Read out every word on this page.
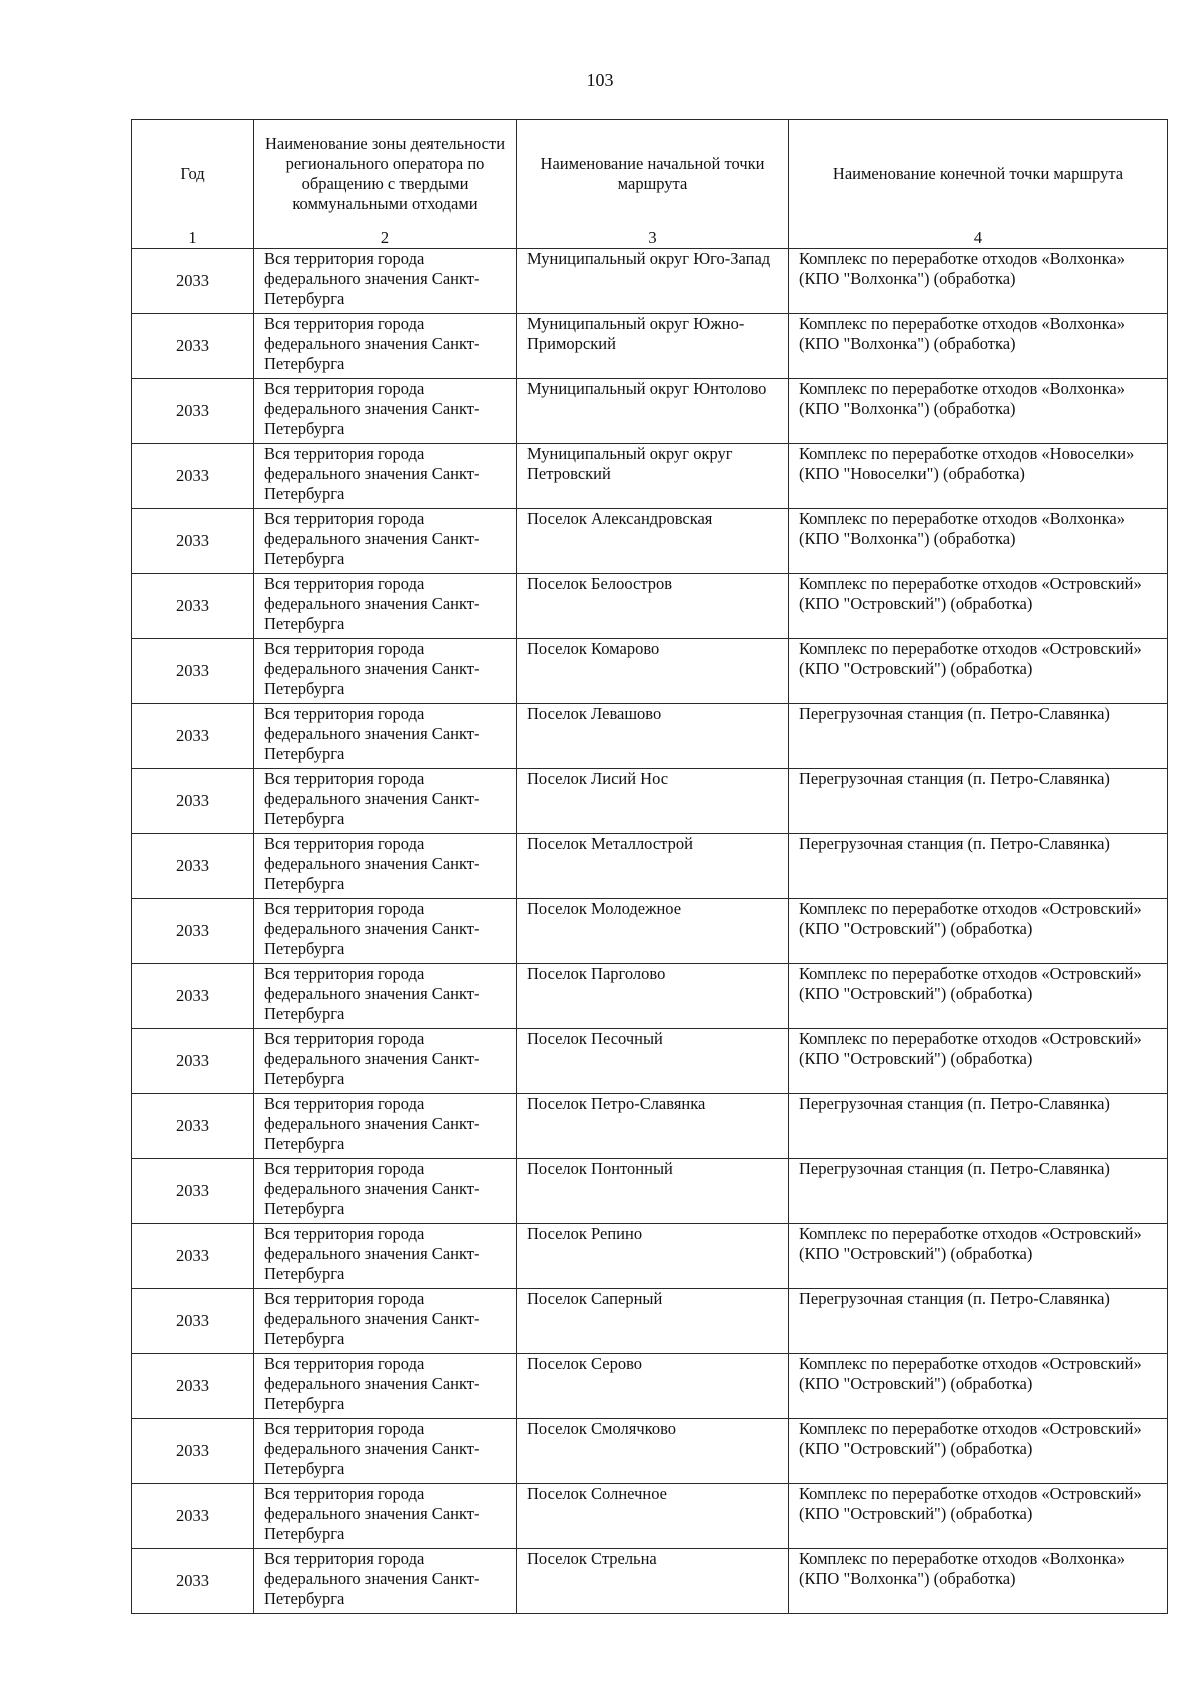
103
Год	Наименование зоны деятельности регионального оператора по обращению с твердыми коммунальными отходами	Наименование начальной точки маршрута	Наименование конечной точки маршрута
1	2	3	4
2033	Вся территория города федерального значения Санкт-Петербурга	Муниципальный округ Юго-Запад	Комплекс по переработке отходов «Волхонка» (КПО "Волхонка") (обработка)
2033	Вся территория города федерального значения Санкт-Петербурга	Муниципальный округ Южно-Приморский	Комплекс по переработке отходов «Волхонка» (КПО "Волхонка") (обработка)
2033	Вся территория города федерального значения Санкт-Петербурга	Муниципальный округ Юнтолово	Комплекс по переработке отходов «Волхонка» (КПО "Волхонка") (обработка)
2033	Вся территория города федерального значения Санкт-Петербурга	Муниципальный округ округ Петровский	Комплекс по переработке отходов «Новоселки» (КПО "Новоселки") (обработка)
2033	Вся территория города федерального значения Санкт-Петербурга	Поселок Александровская	Комплекс по переработке отходов «Волхонка» (КПО "Волхонка") (обработка)
2033	Вся территория города федерального значения Санкт-Петербурга	Поселок Белоостров	Комплекс по переработке отходов «Островский» (КПО "Островский") (обработка)
2033	Вся территория города федерального значения Санкт-Петербурга	Поселок Комарово	Комплекс по переработке отходов «Островский» (КПО "Островский") (обработка)
2033	Вся территория города федерального значения Санкт-Петербурга	Поселок Левашово	Перегрузочная станция (п. Петро-Славянка)
2033	Вся территория города федерального значения Санкт-Петербурга	Поселок Лисий Нос	Перегрузочная станция (п. Петро-Славянка)
2033	Вся территория города федерального значения Санкт-Петербурга	Поселок Металлострой	Перегрузочная станция (п. Петро-Славянка)
2033	Вся территория города федерального значения Санкт-Петербурга	Поселок Молодежное	Комплекс по переработке отходов «Островский» (КПО "Островский") (обработка)
2033	Вся территория города федерального значения Санкт-Петербурга	Поселок Парголово	Комплекс по переработке отходов «Островский» (КПО "Островский") (обработка)
2033	Вся территория города федерального значения Санкт-Петербурга	Поселок Песочный	Комплекс по переработке отходов «Островский» (КПО "Островский") (обработка)
2033	Вся территория города федерального значения Санкт-Петербурга	Поселок Петро-Славянка	Перегрузочная станция (п. Петро-Славянка)
2033	Вся территория города федерального значения Санкт-Петербурга	Поселок Понтонный	Перегрузочная станция (п. Петро-Славянка)
2033	Вся территория города федерального значения Санкт-Петербурга	Поселок Репино	Комплекс по переработке отходов «Островский» (КПО "Островский") (обработка)
2033	Вся территория города федерального значения Санкт-Петербурга	Поселок Саперный	Перегрузочная станция (п. Петро-Славянка)
2033	Вся территория города федерального значения Санкт-Петербурга	Поселок Серово	Комплекс по переработке отходов «Островский» (КПО "Островский") (обработка)
2033	Вся территория города федерального значения Санкт-Петербурга	Поселок Смолячково	Комплекс по переработке отходов «Островский» (КПО "Островский") (обработка)
2033	Вся территория города федерального значения Санкт-Петербурга	Поселок Солнечное	Комплекс по переработке отходов «Островский» (КПО "Островский") (обработка)
2033	Вся территория города федерального значения Санкт-Петербурга	Поселок Стрельна	Комплекс по переработке отходов «Волхонка» (КПО "Волхонка") (обработка)
